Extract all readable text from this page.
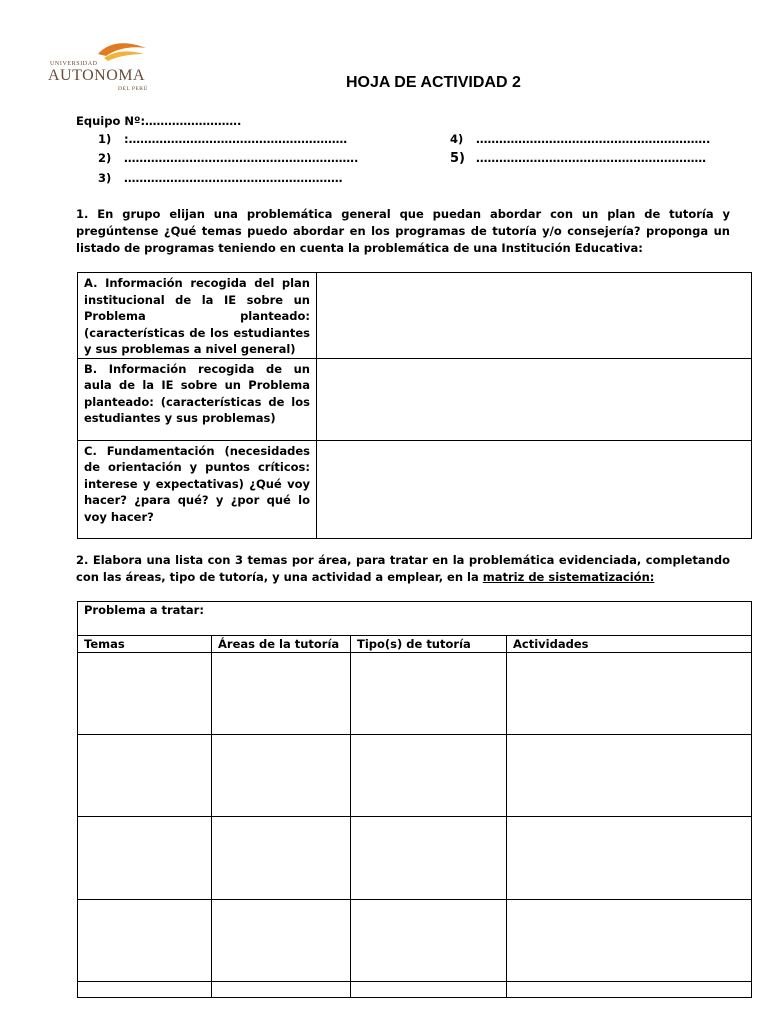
UNIVERSIDAD
AUTONOMA
DEL PERÚ	HOJA DE ACTIVIDAD 2
Equipo Nº:…………………….
1) :…………………………………………………
2) …………………………………………………….
3) …………………………………………………
4) …………………………………………………….
5) ……………………………………………………
1. En grupo elijan una problemática general que puedan abordar con un plan de tutoría y pregúntense ¿Qué temas puedo abordar en los programas de tutoría y/o consejería? proponga un listado de programas teniendo en cuenta la problemática de una Institución Educativa:
A. Información recogida del plan institucional de la IE sobre un Problema planteado: (características de los estudiantes y sus problemas a nivel general)	
B. Información recogida de un aula de la IE sobre un Problema planteado: (características de los estudiantes y sus problemas)	
C. Fundamentación (necesidades de orientación y puntos críticos: interese y expectativas) ¿Qué voy hacer? ¿para qué? y ¿por qué lo voy hacer?	
2. Elabora una lista con 3 temas por área, para tratar en la problemática evidenciada, completando con las áreas, tipo de tutoría, y una actividad a emplear, en la matriz de sistematización:
Problema a tratar:			
Temas	Áreas de la tutoría	Tipo(s) de tutoría	Actividades
